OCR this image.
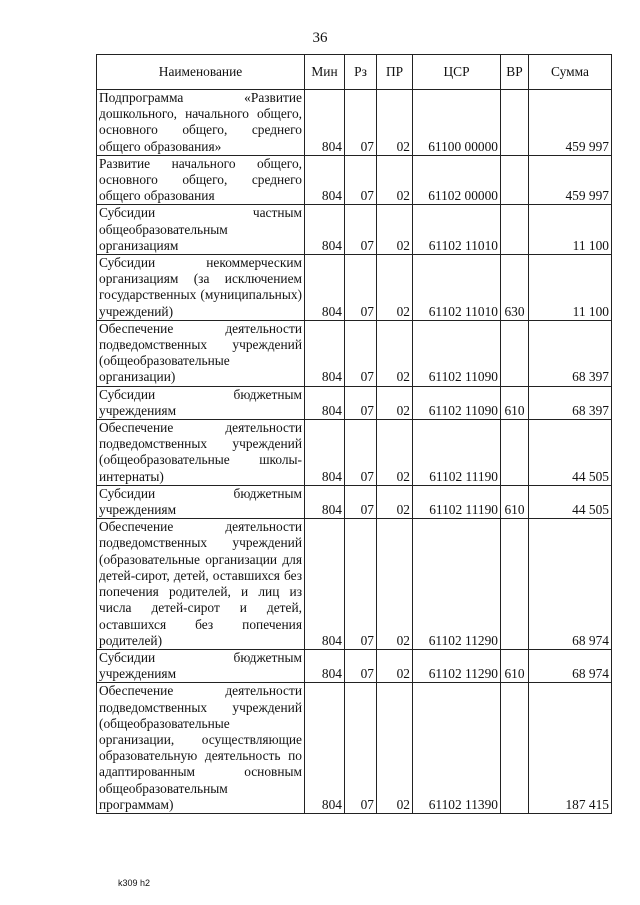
36
Наименование	Мин	Рз	ПР	ЦСР	ВР	Сумма
Подпрограмма «Развитие дошкольного, начального общего, основного общего, среднего общего образования»	804	07	02	61100 00000		459 997
Развитие начального общего, основного общего, среднего общего образования	804	07	02	61102 00000		459 997
Субсидии частным общеобразовательным организациям	804	07	02	61102 11010		11 100
Субсидии некоммерческим организациям (за исключением государственных (муниципальных) учреждений)	804	07	02	61102 11010	630	11 100
Обеспечение деятельности подведомственных учреждений (общеобразовательные организации)	804	07	02	61102 11090		68 397
Субсидии бюджетным учреждениям	804	07	02	61102 11090	610	68 397
Обеспечение деятельности подведомственных учреждений (общеобразовательные школы-интернаты)	804	07	02	61102 11190		44 505
Субсидии бюджетным учреждениям	804	07	02	61102 11190	610	44 505
Обеспечение деятельности подведомственных учреждений (образовательные организации для детей-сирот, детей, оставшихся без попечения родителей, и лиц из числа детей-сирот и детей, оставшихся без попечения родителей)	804	07	02	61102 11290		68 974
Субсидии бюджетным учреждениям	804	07	02	61102 11290	610	68 974
Обеспечение деятельности подведомственных учреждений (общеобразовательные организации, осуществляющие образовательную деятельность по адаптированным основным общеобразовательным программам)	804	07	02	61102 11390		187 415
k309 h2
